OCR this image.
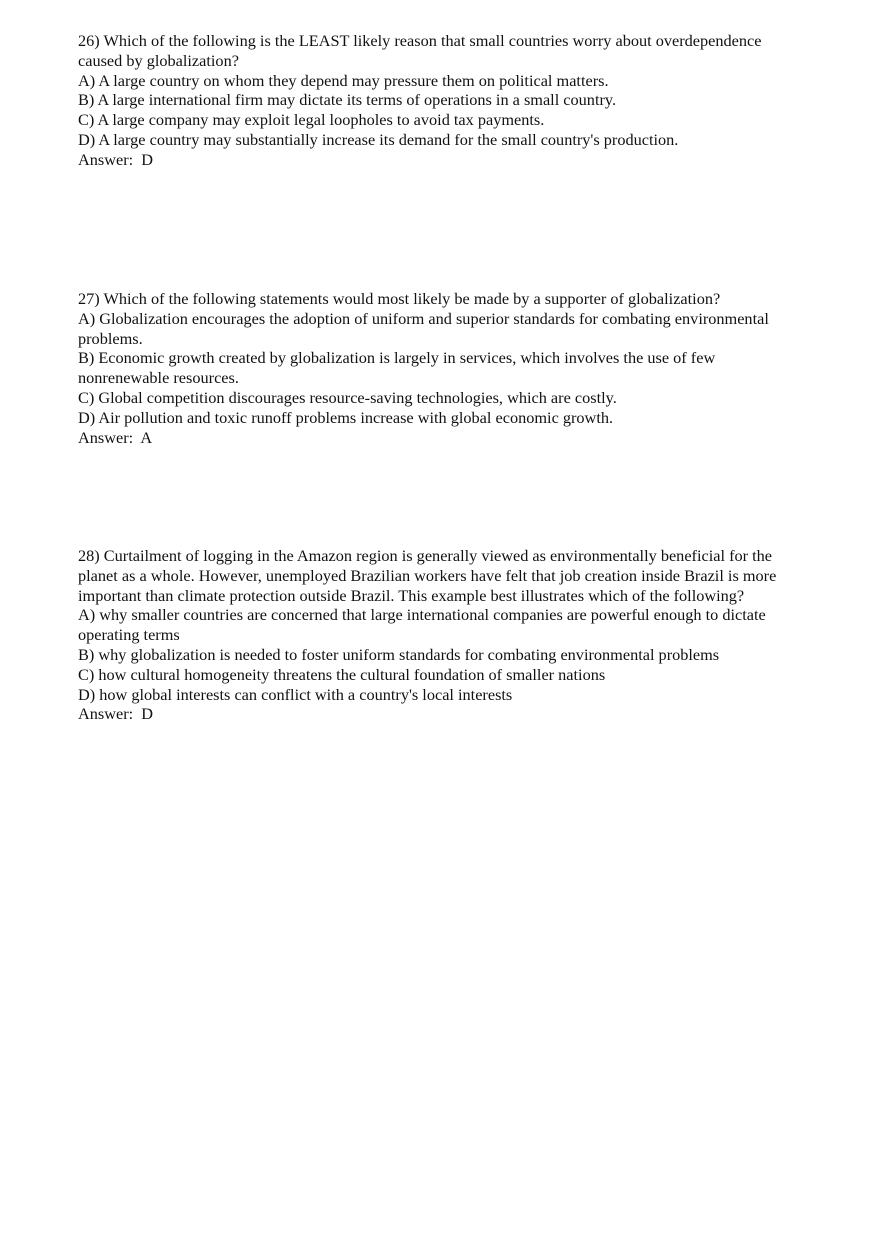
26) Which of the following is the LEAST likely reason that small countries worry about overdependence caused by globalization?
A) A large country on whom they depend may pressure them on political matters.
B) A large international firm may dictate its terms of operations in a small country.
C) A large company may exploit legal loopholes to avoid tax payments.
D) A large country may substantially increase its demand for the small country's production.
Answer:  D
27) Which of the following statements would most likely be made by a supporter of globalization?
A) Globalization encourages the adoption of uniform and superior standards for combating environmental problems.
B) Economic growth created by globalization is largely in services, which involves the use of few nonrenewable resources.
C) Global competition discourages resource-saving technologies, which are costly.
D) Air pollution and toxic runoff problems increase with global economic growth.
Answer:  A
28) Curtailment of logging in the Amazon region is generally viewed as environmentally beneficial for the planet as a whole. However, unemployed Brazilian workers have felt that job creation inside Brazil is more important than climate protection outside Brazil. This example best illustrates which of the following?
A) why smaller countries are concerned that large international companies are powerful enough to dictate operating terms
B) why globalization is needed to foster uniform standards for combating environmental problems
C) how cultural homogeneity threatens the cultural foundation of smaller nations
D) how global interests can conflict with a country's local interests
Answer:  D
